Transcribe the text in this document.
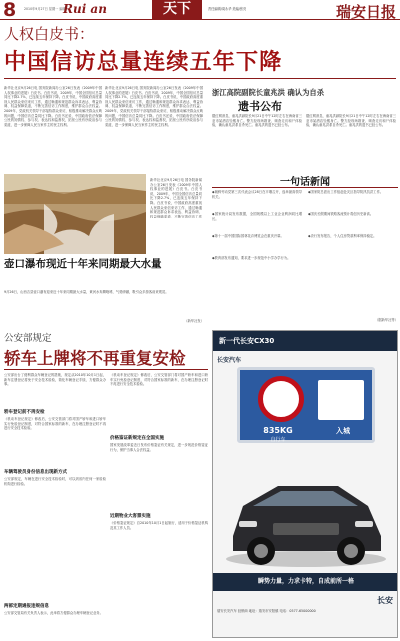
8 2010年9月27日 星期一 编辑：
Rui an	天下	责任编辑/周永华 美编/张亮	瑞安日报
人权白皮书：
中国信访总量连续五年下降
新华社北京9月26日电 国务院新闻办公室26日发表《2009年中国人权事业的进展》白皮书。白皮书说，2009年，中国全国信访总量同比下降2.7%，已连续五年保持下降。白皮书说，中国政府高度重视人民群众来信来访工作，通过畅通和规范群众诉求表达、利益协调、权益保障渠道，不断完善信访工作制度，维护群众合法权益。2009年，党政机关领导干部接待群众来访，积极推动解决群众反映的问题，中国信访总量同比下降。白皮书还说，中国政府依法保障公民的知情权、参与权、表达权和监督权，拓宽公民有序政治参与渠道，进一步保障人民当家作主的民主权利。
新华社北京9月26日电 国务院新闻办公室26日发表《2009年中国人权事业的进展》白皮书。白皮书说，2009年，中国全国信访总量同比下降2.7%，已连续五年保持下降。白皮书说，中国政府高度重视人民群众来信来访工作，通过畅通和规范群众诉求表达、利益协调、权益保障渠道，不断完善信访工作制度，维护群众合法权益。2009年，党政机关领导干部接待群众来访，积极推动解决群众反映的问题，中国信访总量同比下降。白皮书还说，中国政府依法保障公民的知情权、参与权、表达权和监督权，拓宽公民有序政治参与渠道，进一步保障人民当家作主的民主权利。
新华社北京9月26日电 国务院新闻办公室26日发表《2009年中国人权事业的进展》白皮书。白皮书说，2009年，中国全国信访总量同比下降2.7%，已连续五年保持下降。白皮书说，中国政府高度重视人民群众来信来访工作，通过畅通和规范群众诉求表达、利益协调、权益保障渠道，不断完善信访工作
浙江高院副院长童兆洪 确认为自杀
遗书公布
据红网消息，童兆洪副院长9月21日中午12时左右在海南省三亚市某酒店坠楼身亡。警方经现场勘查、调查走访和尸体检验，确认童兆洪系自杀死亡。童兆洪的遗书已经公布。
据红网消息，童兆洪副院长9月21日中午12时左右在海南省三亚市某酒店坠楼身亡。警方经现场勘查、调查走访和尸体检验，确认童兆洪系自杀死亡。童兆洪的遗书已经公布。
壶口瀑布现近十年来同期最大水量
9月26日，山西吉县壶口瀑布迎来近十年来同期最大水量，黄河水奔腾咆哮，气势磅礴，吸引众多游客前来观赏。
（新华社发）
一句话新闻
◆朝鲜劳动党第三次代表会议28日在平壤召开，选举最高领导机关。
◆国家统计局发布数据，全国规模以上工业企业利润同比增长。
◆第十一届中国国际园林花卉博览会在重庆开幕。
◆教育部发布通知，要求进一步规范中小学办学行为。
◆国家防总派出工作组赶赴灾区指导防汛抗洪工作。
◆国庆长假期间铁路客流预计将创历史新高。
◆央行发布报告，个人住房贷款利率保持稳定。
（据新华社等）
公安部规定
轿车上牌将不再重复安检
公安部出台了便利群众车辆登记的措施，规定从2010年10月1日起，新车注册登记将免于安全技术检验，简化车辆登记手续，方便群众办事。
轿车登记前不再安检
《机动车登记规定》修改后，公安交管部门将对国产轿车和进口轿车实行免检登记制度，对符合国家标准的新车，在办理注册登记时不再进行安全技术检验。
车辆驾驶员身份信息出现新方式
公安部规定，车辆在进行安全技术检验时，可以到省内任何一家检验机构进行检验。
两部定期通报违规信息
公安部交管局有关负责人表示，此举将方便群众办理车辆登记业务。
《机动车登记规定》修改后，公安交管部门将对国产轿车和进口轿车实行免检登记制度，对符合国家标准的新车，在办理注册登记时不再进行安全技术检验。
价格鉴证新规定在全国实施
国家发展改革委近日发布价格鉴证有关规定，进一步规范价格鉴证行为，保护当事人合法权益。
近期物业大客票实施
《价格鉴证规定》自2010年10月1日起施行，适用于价格鉴证机构及其工作人员。
新一代长安CX30
长安汽车
835KG
自行车
入城
瞬势力量，力求卡特，自成前所一格
长安
瑞安长安汽车 经销商 地址：瑞安市安阳镇 电话：0577-65000000
